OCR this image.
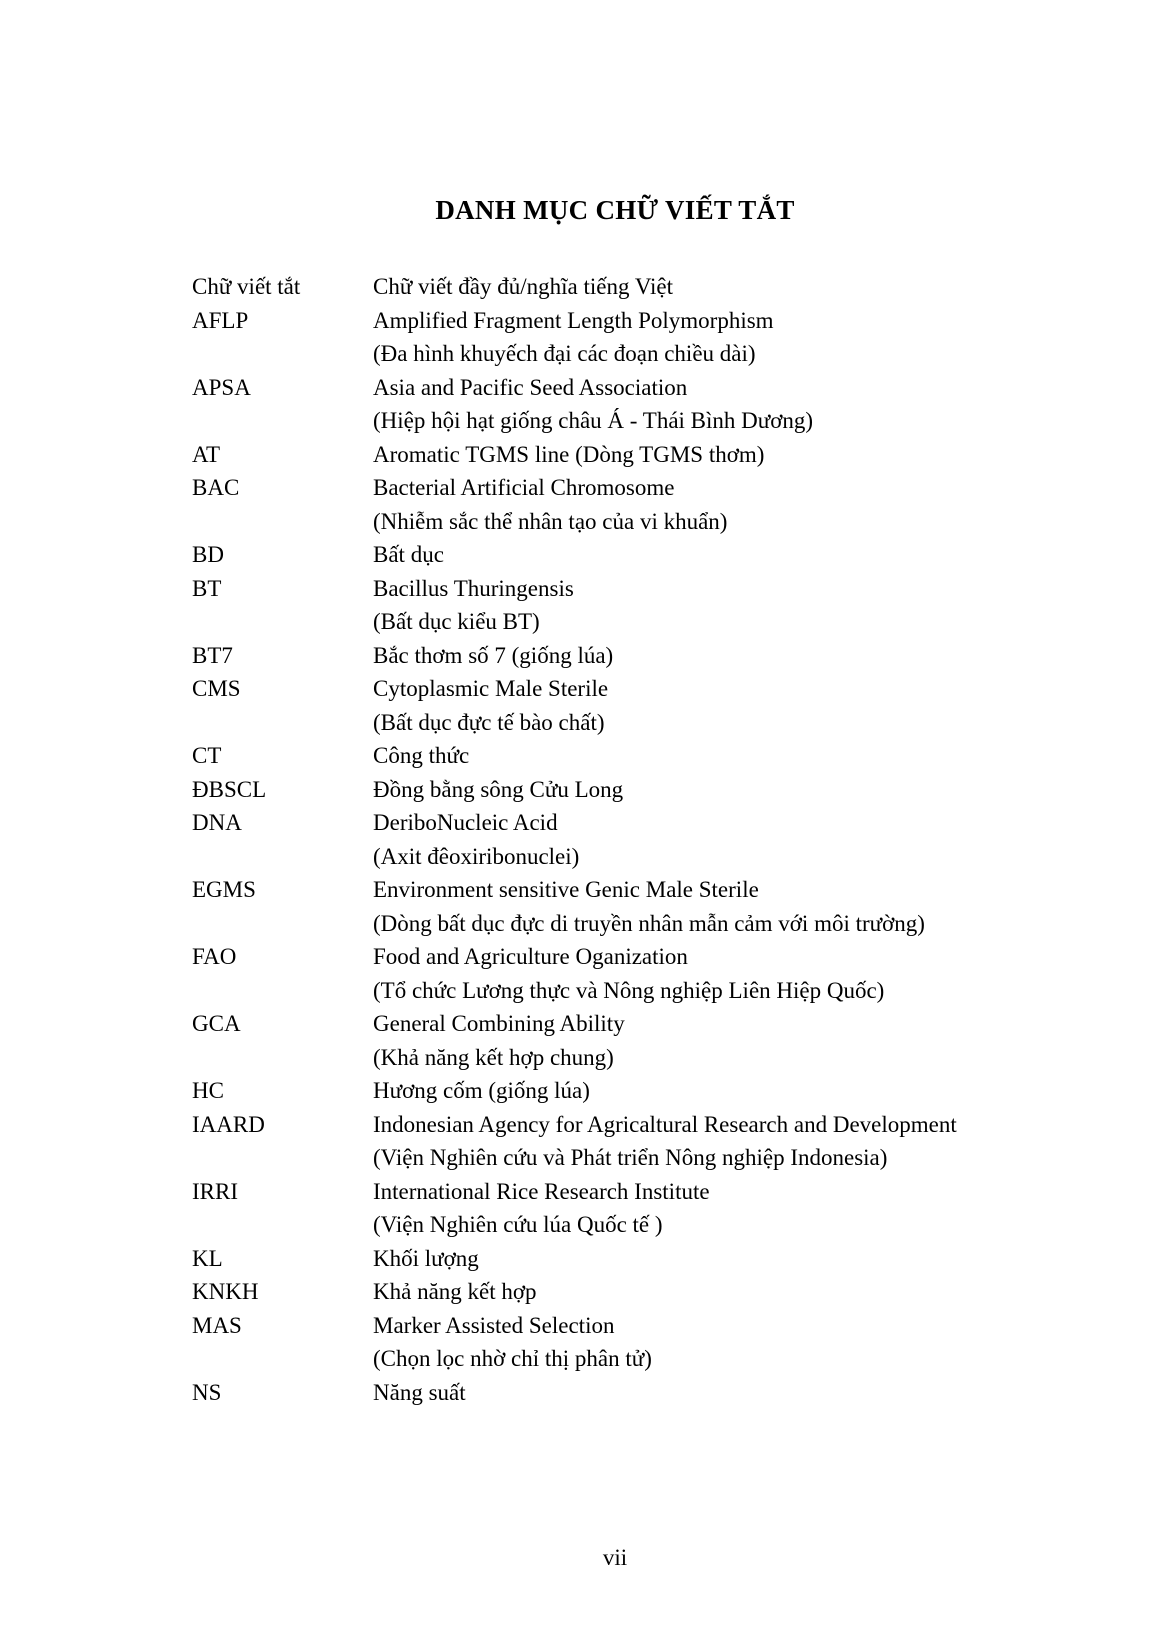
DANH MỤC CHỮ VIẾT TẮT
Chữ viết tắt	Chữ viết đầy đủ/nghĩa tiếng Việt
AFLP	Amplified Fragment Length Polymorphism
(Đa hình khuyếch đại các đoạn chiều dài)
APSA	Asia and Pacific Seed Association
(Hiệp hội hạt giống châu Á - Thái Bình Dương)
AT	Aromatic TGMS line (Dòng TGMS thơm)
BAC	Bacterial Artificial Chromosome
(Nhiễm sắc thể nhân tạo của vi khuẩn)
BD	Bất dục
BT	Bacillus Thuringensis
(Bất dục kiểu BT)
BT7	Bắc thơm số 7 (giống lúa)
CMS	Cytoplasmic Male Sterile
(Bất dục đực tế bào chất)
CT	Công thức
ĐBSCL	Đồng bằng sông Cửu Long
DNA	DeriboNucleic Acid
(Axit đêoxiribonuclei)
EGMS	Environment sensitive Genic Male Sterile
(Dòng bất dục đực di truyền nhân mẫn cảm với môi trường)
FAO	Food and Agriculture Oganization
(Tổ chức Lương thực và Nông nghiệp Liên Hiệp Quốc)
GCA	General Combining Ability
(Khả năng kết hợp chung)
HC	Hương cốm (giống lúa)
IAARD	Indonesian Agency for Agricaltural Research and Development
(Viện Nghiên cứu và Phát triển Nông nghiệp Indonesia)
IRRI	International Rice Research Institute
(Viện Nghiên cứu lúa Quốc tế )
KL	Khối lượng
KNKH	Khả năng kết hợp
MAS	Marker Assisted Selection
(Chọn lọc nhờ chỉ thị phân tử)
NS	Năng suất
vii
